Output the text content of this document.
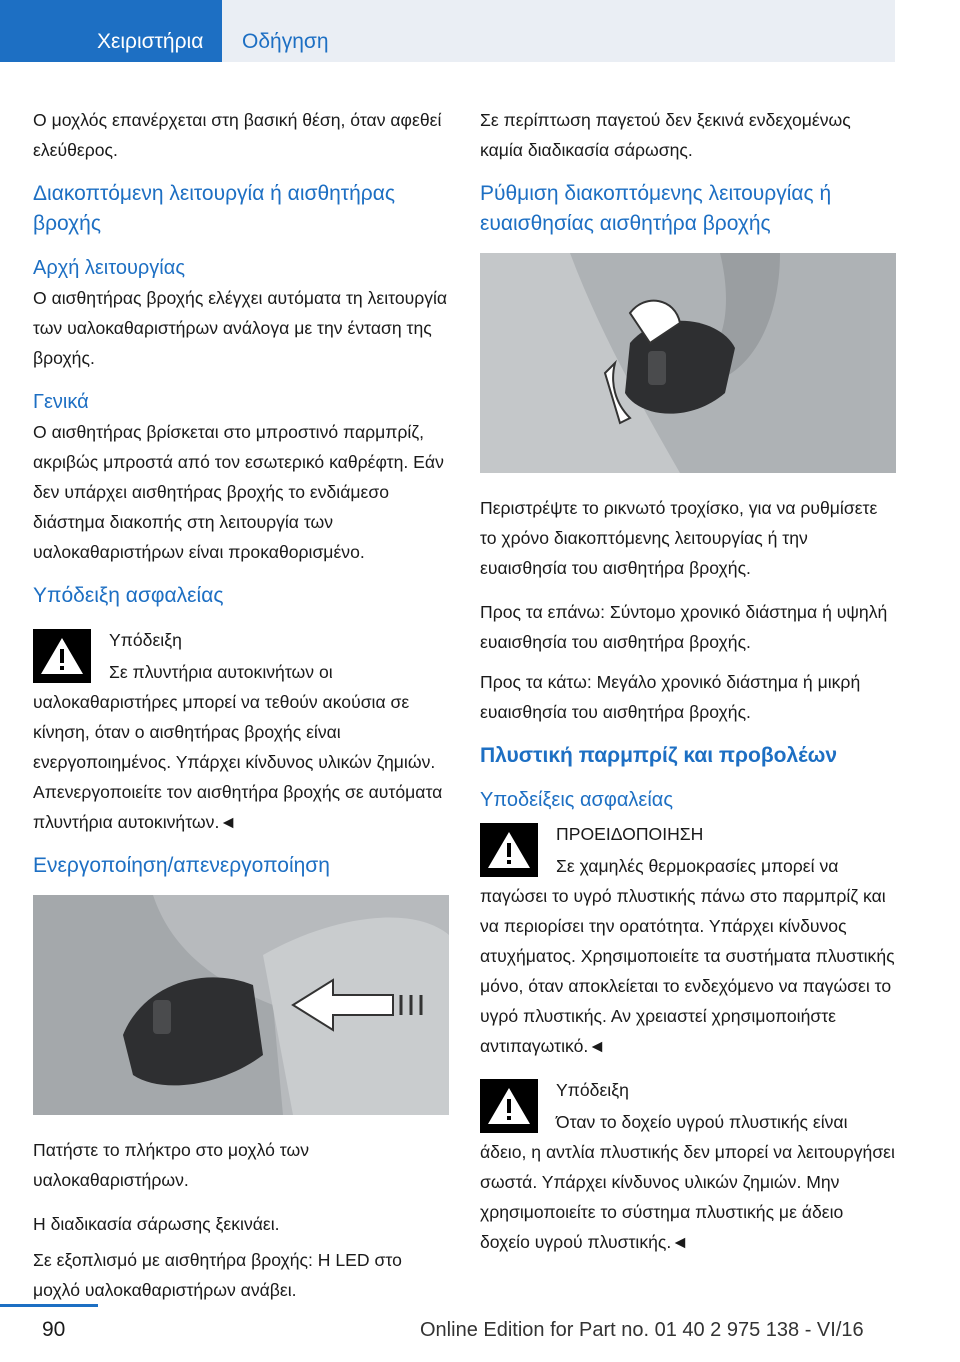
Χειριστήρια Οδήγηση

Ο μοχλός επανέρχεται στη βασική θέση, όταν αφεθεί ελεύθερος.

Διακοπτόμενη λειτουργία ή αισθητήρας βροχής
Αρχή λειτουργίας

Ο αισθητήρας βροχής ελέγχει αυτόματα τη λειτουργία των υαλοκαθαριστήρων ανάλογα με την ένταση της βροχής.

Γενικά

Ο αισθητήρας βρίσκεται στο μπροστινό παρμπρίζ, ακριβώς μπροστά από τον εσωτερικό καθρέφτη. Εάν δεν υπάρχει αισθητήρας βροχής το ενδιάμεσο διάστημα διακοπής στη λειτουργία των υαλοκαθαριστήρων είναι προκαθορισμένο.

Υπόδειξη ασφαλείας

Υπόδειξη

Σε πλυντήρια αυτοκινήτων οι υαλοκαθαριστήρες μπορεί να τεθούν ακούσια σε κίνηση, όταν ο αισθητήρας βροχής είναι ενεργοποιημένος. Υπάρχει κίνδυνος υλικών ζημιών. Απενεργοποιείτε τον αισθητήρα βροχής σε αυτόματα πλυντήρια αυτοκινήτων.◄

Ενεργοποίηση/απενεργοποίηση

Πατήστε το πλήκτρο στο μοχλό των υαλοκαθαριστήρων.

Η διαδικασία σάρωσης ξεκινάει.

Σε εξοπλισμό με αισθητήρα βροχής: Η LED στο μοχλό υαλοκαθαριστήρων ανάβει.

Σε περίπτωση παγετού δεν ξεκινά ενδεχομένως καμία διαδικασία σάρωσης.

Ρύθμιση διακοπτόμενης λειτουργίας ή ευαισθησίας αισθητήρα βροχής

Περιστρέψτε το ρικνωτό τροχίσκο, για να ρυθμίσετε το χρόνο διακοπτόμενης λειτουργίας ή την ευαισθησία του αισθητήρα βροχής.

Προς τα επάνω: Σύντομο χρονικό διάστημα ή υψηλή ευαισθησία του αισθητήρα βροχής.

Προς τα κάτω: Μεγάλο χρονικό διάστημα ή μικρή ευαισθησία του αισθητήρα βροχής.

Πλυστική παρμπρίζ και προβολέων
Υποδείξεις ασφαλείας

ΠΡΟΕΙΔΟΠΟΙΗΣΗ

Σε χαμηλές θερμοκρασίες μπορεί να παγώσει το υγρό πλυστικής πάνω στο παρμπρίζ και να περιορίσει την ορατότητα. Υπάρχει κίνδυνος ατυχήματος. Χρησιμοποιείτε τα συστήματα πλυστικής μόνο, όταν αποκλείεται το ενδεχόμενο να παγώσει το υγρό πλυστικής. Αν χρειαστεί χρησιμοποιήστε αντιπαγωτικό.◄

Υπόδειξη

Όταν το δοχείο υγρού πλυστικής είναι άδειο, η αντλία πλυστικής δεν μπορεί να λειτουργήσει σωστά. Υπάρχει κίνδυνος υλικών ζημιών. Μην χρησιμοποιείτε το σύστημα πλυστικής με άδειο δοχείο υγρού πλυστικής.◄

90	Online Edition for Part no. 01 40 2 975 138 - VI/16
